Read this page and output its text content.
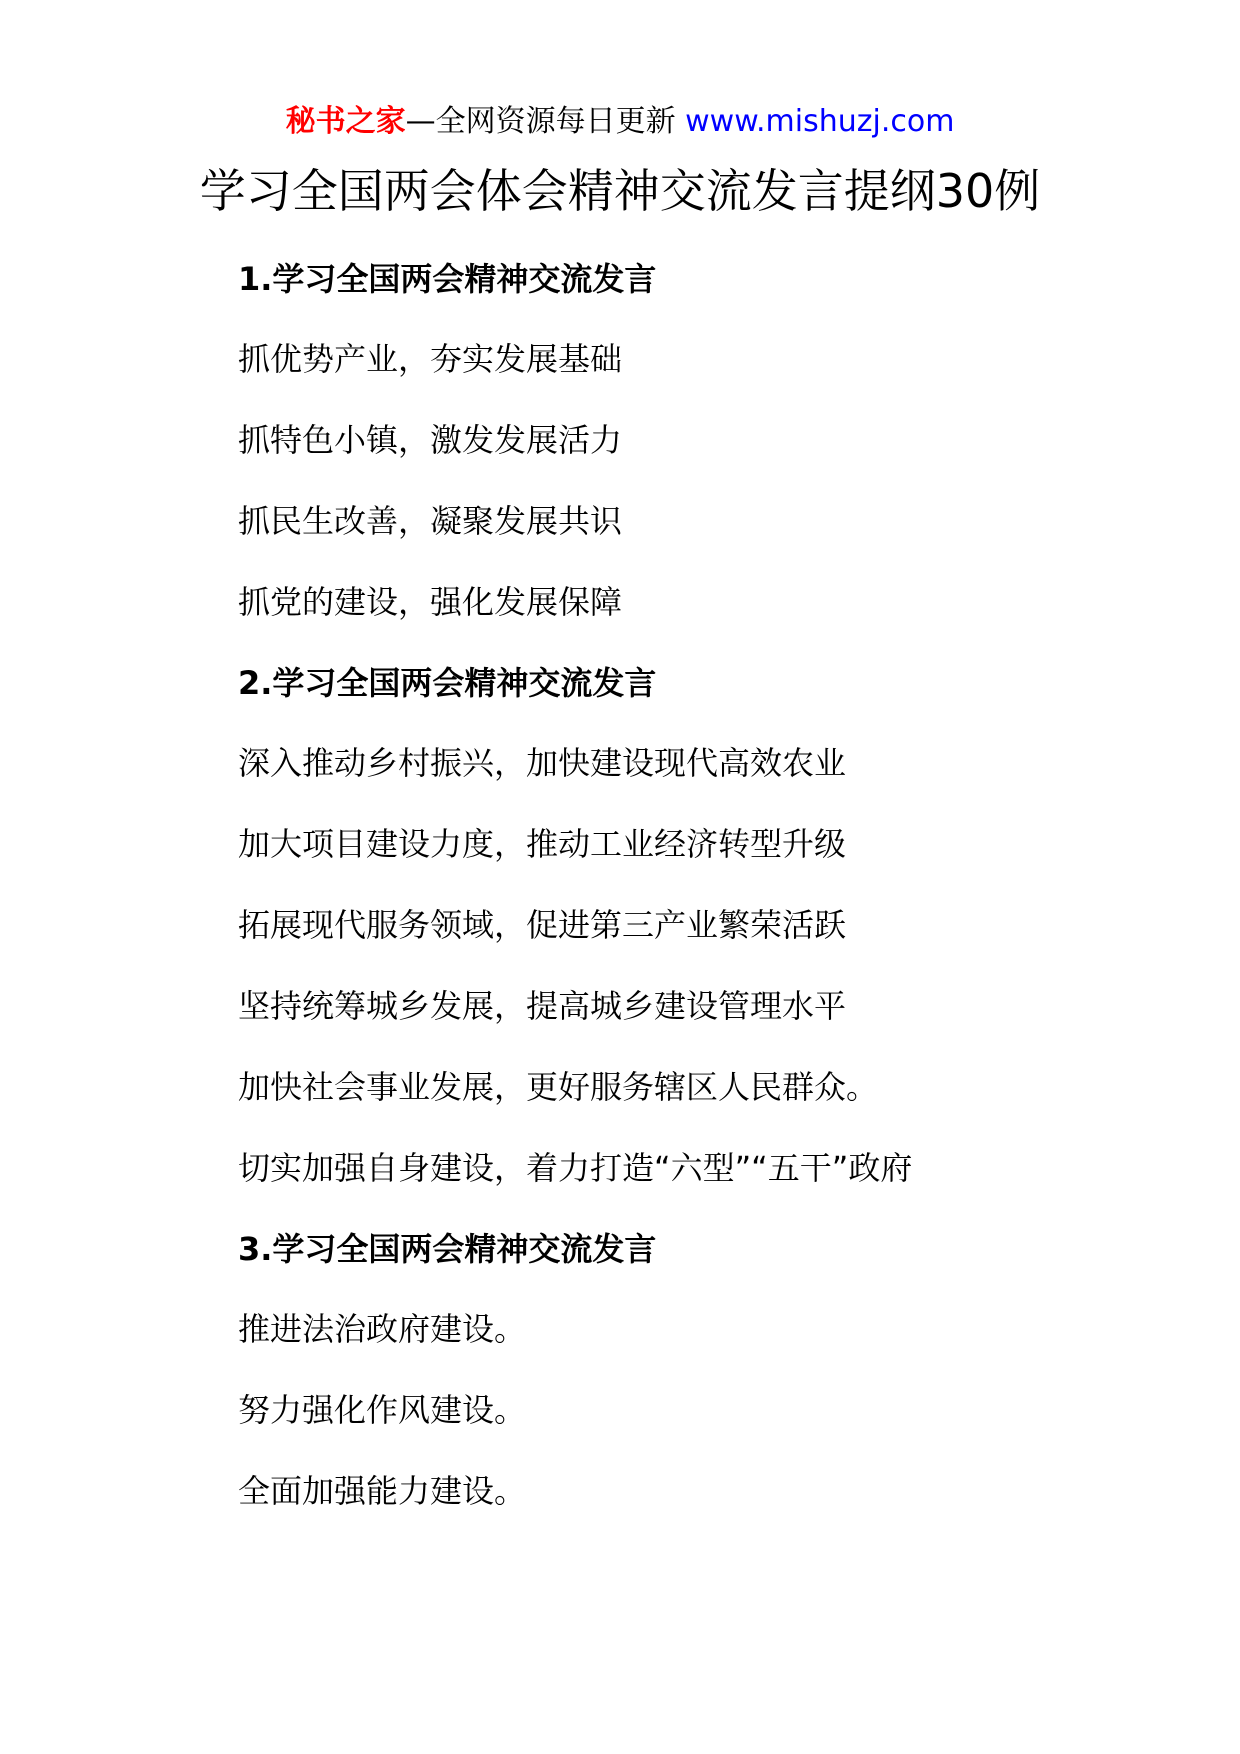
秘书之家—全网资源每日更新 www.mishuzj.com
学习全国两会体会精神交流发言提纲30例
1.学习全国两会精神交流发言
抓优势产业，夯实发展基础
抓特色小镇，激发发展活力
抓民生改善，凝聚发展共识
抓党的建设，强化发展保障
2.学习全国两会精神交流发言
深入推动乡村振兴，加快建设现代高效农业
加大项目建设力度，推动工业经济转型升级
拓展现代服务领域，促进第三产业繁荣活跃
坚持统筹城乡发展，提高城乡建设管理水平
加快社会事业发展，更好服务辖区人民群众。
切实加强自身建设，着力打造“六型”“五干”政府
3.学习全国两会精神交流发言
推进法治政府建设。
努力强化作风建设。
全面加强能力建设。
